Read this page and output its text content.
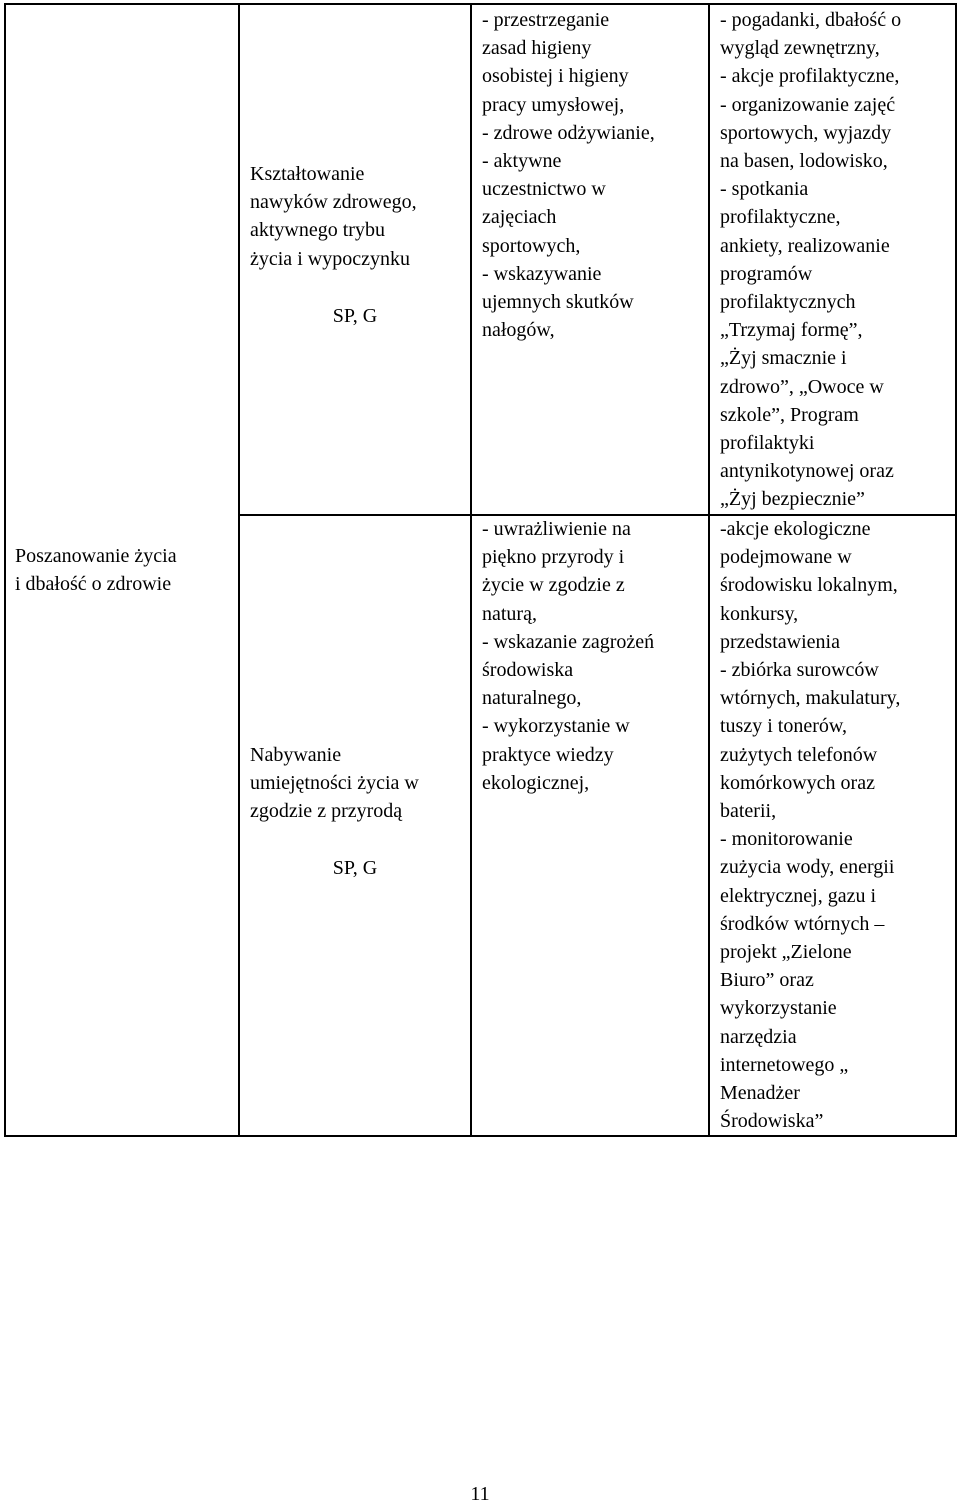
Poszanowanie życia
i dbałość o zdrowie

Kształtowanie
nawyków zdrowego,
aktywnego trybu
życia i wypoczynku

SP, G

- przestrzeganie
zasad higieny
osobistej i higieny
pracy umysłowej,
- zdrowe odżywianie,
- aktywne
uczestnictwo w
zajęciach
sportowych,
- wskazywanie
ujemnych skutków
nałogów,

- pogadanki, dbałość o
wygląd zewnętrzny,
- akcje profilaktyczne,
- organizowanie zajęć
sportowych, wyjazdy
na basen, lodowisko,
- spotkania
profilaktyczne,
ankiety, realizowanie
programów
profilaktycznych
„Trzymaj formę”,
„Żyj smacznie i
zdrowo”, „Owoce w
szkole”, Program
profilaktyki
antynikotynowej oraz
„Żyj bezpiecznie”

Nabywanie
umiejętności życia w
zgodzie z przyrodą

SP, G

- uwrażliwienie na
piękno przyrody i
życie w zgodzie z
naturą,
- wskazanie zagrożeń
środowiska
naturalnego,
- wykorzystanie w
praktyce wiedzy
ekologicznej,

-akcje ekologiczne
podejmowane w
środowisku lokalnym,
konkursy,
przedstawienia
- zbiórka surowców
wtórnych, makulatury,
tuszy i tonerów,
zużytych telefonów
komórkowych oraz
baterii,
- monitorowanie
zużycia wody, energii
elektrycznej, gazu i
środków wtórnych –
projekt „Zielone
Biuro” oraz
wykorzystanie
narzędzia
internetowego „
Menadżer
Środowiska”

11
